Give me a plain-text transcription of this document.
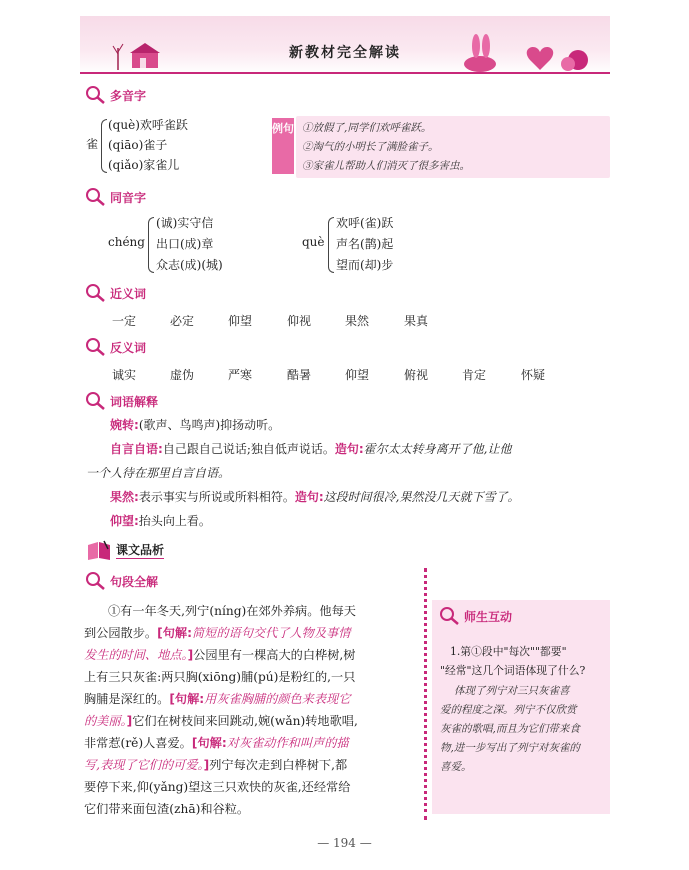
新教材完全解读
多音字
雀
(què)欢呼雀跃
(qiāo)雀子
(qiǎo)家雀儿
例句 ①放假了,同学们欢呼雀跃。
②淘气的小明长了满脸雀子。
③家雀儿帮助人们消灭了很多害虫。
同音字
chéng
(诚)实守信
出口(成)章
众志(成)(城)
què
欢呼(雀)跃
声名(鹊)起
望而(却)步
近义词
一定	必定	仰望	仰视	果然	果真
反义词
诚实	虚伪	严寒	酷暑	仰望	俯视	肯定	怀疑
词语解释
婉转:(歌声、鸟鸣声)抑扬动听。
自言自语:自己跟自己说话;独自低声说话。造句:霍尔太太转身离开了他,让他
一个人待在那里自言自语。
果然:表示事实与所说或所料相符。造句:这段时间很冷,果然没几天就下雪了。
仰望:抬头向上看。
课文品析
句段全解
①有一年冬天,列宁(níng)在郊外养病。他每天
到公园散步。[句解:简短的语句交代了人物及事情
发生的时间、地点。]公园里有一棵高大的白桦树,树
上有三只灰雀:两只胸(xiōng)脯(pú)是粉红的,一只
胸脯是深红的。[句解:用灰雀胸脯的颜色来表现它
的美丽。]它们在树枝间来回跳动,婉(wǎn)转地歌唱,
非常惹(rě)人喜爱。[句解:对灰雀动作和叫声的描
写,表现了它们的可爱。]列宁每次走到白桦树下,都
要停下来,仰(yǎng)望这三只欢快的灰雀,还经常给
它们带来面包渣(zhā)和谷粒。
师生互动
1.第①段中"每次""都要"
"经常"这几个词语体现了什么?
体现了列宁对三只灰雀喜
爱的程度之深。列宁不仅欣赏
灰雀的歌唱,而且为它们带来食
物,进一步写出了列宁对灰雀的
喜爱。
— 194 —
